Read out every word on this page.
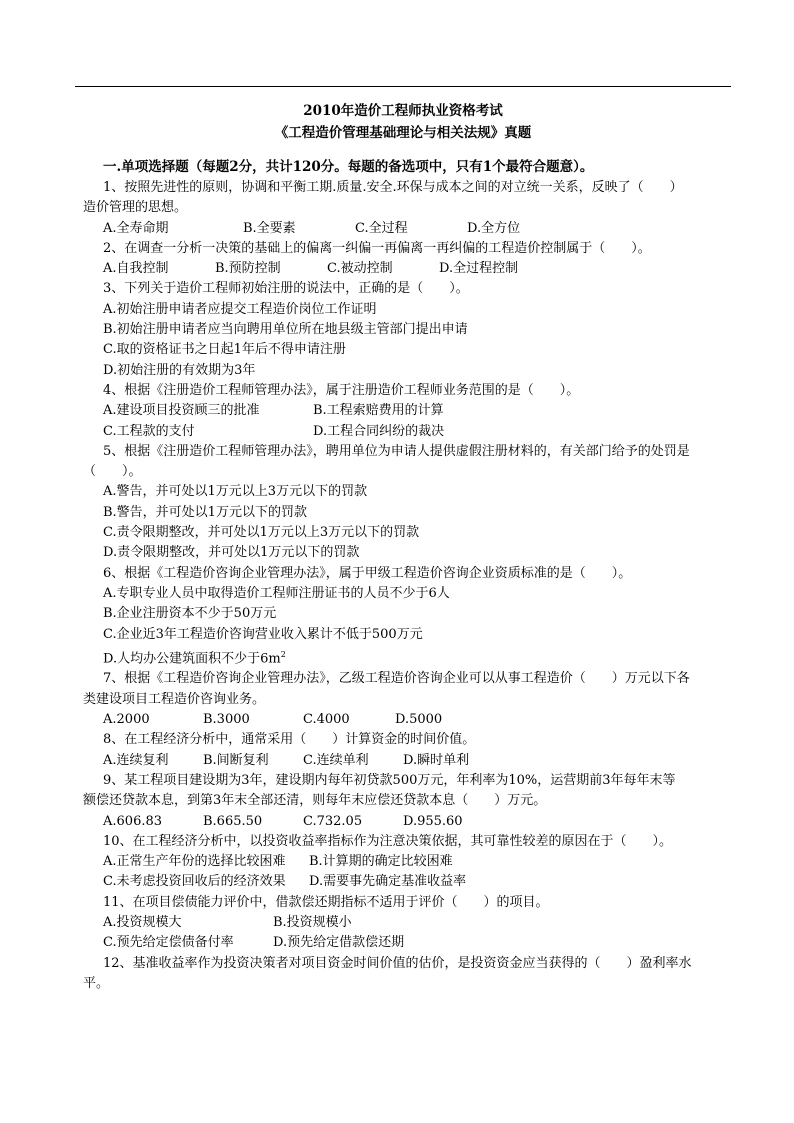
2010年造价工程师执业资格考试
《工程造价管理基础理论与相关法规》真题
一.单项选择题（每题2分，共计120分。每题的备选项中，只有1个最符合题意）。

1、按照先进性的原则，协调和平衡工期.质量.安全.环保与成本之间的对立统一关系，反映了（　　）

造价管理的思想。

A.全寿命期	B.全要素	C.全过程	D.全方位

2、在调查一分析一决策的基础上的偏离一纠偏一再偏离一再纠偏的工程造价控制属于（　　）。

A.自我控制	B.预防控制	C.被动控制	D.全过程控制

3、下列关于造价工程师初始注册的说法中，正确的是（　　）。

A.初始注册申请者应提交工程造价岗位工作证明

B.初始注册申请者应当向聘用单位所在地县级主管部门提出申请

C.取的资格证书之日起1年后不得申请注册

D.初始注册的有效期为3年

4、根据《注册造价工程师管理办法》，属于注册造价工程师业务范围的是（　　）。

A.建设项目投资顾三的批准	B.工程索赔费用的计算
C.工程款的支付	D.工程合同纠纷的裁决

5、根据《注册造价工程师管理办法》，聘用单位为申请人提供虚假注册材料的，有关部门给予的处罚是

（　　）。

A.警告，并可处以1万元以上3万元以下的罚款

B.警告，并可处以1万元以下的罚款

C.责令限期整改，并可处以1万元以上3万元以下的罚款

D.责令限期整改，并可处以1万元以下的罚款

6、根据《工程造价咨询企业管理办法》，属于甲级工程造价咨询企业资质标准的是（　　）。

A.专职专业人员中取得造价工程师注册证书的人员不少于6人

B.企业注册资本不少于50万元

C.企业近3年工程造价咨询营业收入累计不低于500万元

D.人均办公建筑面积不少于$6m^2$

7、根据《工程造价咨询企业管理办法》，乙级工程造价咨询企业可以从事工程造价（　　）万元以下各

类建设项目工程造价咨询业务。

A.2000	B.3000	C.4000	D.5000

8、在工程经济分析中，通常采用（　　）计算资金的时间价值。

A.连续复利	B.间断复利	C.连续单利	D.瞬时单利

9、某工程项目建设期为3年，建设期内每年初贷款500万元，年利率为10%，运营期前3年每年末等

额偿还贷款本息，到第3年末全部还清，则每年末应偿还贷款本息（　　）万元。

A.606.83	B.665.50	C.732.05	D.955.60

10、在工程经济分析中，以投资收益率指标作为注意决策依据，其可靠性较差的原因在于（　　）。

A.正常生产年份的选择比较困难	B.计算期的确定比较困难
C.未考虑投资回收后的经济效果	D.需要事先确定基准收益率

11、在项目偿债能力评价中，借款偿还期指标不适用于评价（　　）的项目。

A.投资规模大	B.投资规模小
C.预先给定偿债备付率	D.预先给定借款偿还期

12、基准收益率作为投资决策者对项目资金时间价值的估价，是投资资金应当获得的（　　）盈利率水

平。
